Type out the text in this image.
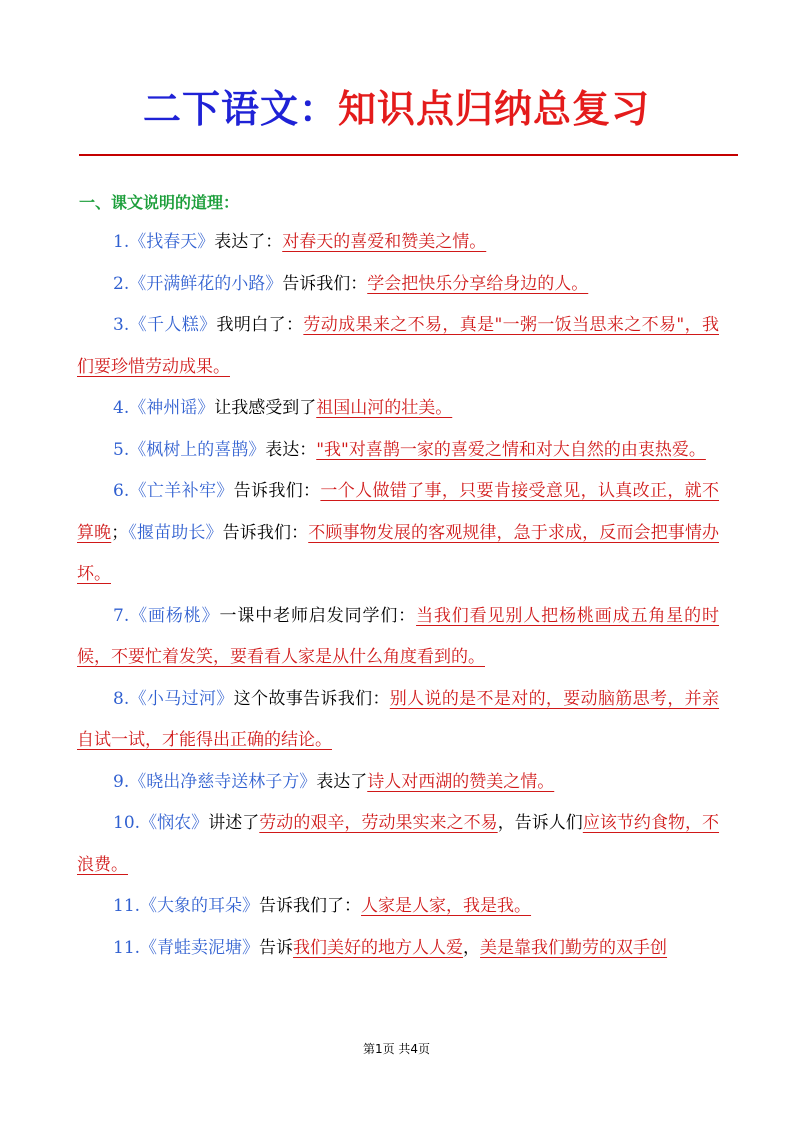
二下语文：知识点归纳总复习
一、课文说明的道理：

1.《找春天》表达了：对春天的喜爱和赞美之情。

2.《开满鲜花的小路》告诉我们：学会把快乐分享给身边的人。

3.《千人糕》我明白了：劳动成果来之不易，真是"一粥一饭当思来之不易"，我们要珍惜劳动成果。

4.《神州谣》让我感受到了祖国山河的壮美。

5.《枫树上的喜鹊》表达："我"对喜鹊一家的喜爱之情和对大自然的由衷热爱。

6.《亡羊补牢》告诉我们：一个人做错了事，只要肯接受意见，认真改正，就不算晚；《揠苗助长》告诉我们：不顾事物发展的客观规律，急于求成，反而会把事情办坏。

7.《画杨桃》一课中老师启发同学们：当我们看见别人把杨桃画成五角星的时候，不要忙着发笑，要看看人家是从什么角度看到的。

8.《小马过河》这个故事告诉我们：别人说的是不是对的，要动脑筋思考，并亲自试一试，才能得出正确的结论。

9.《晓出净慈寺送林子方》表达了诗人对西湖的赞美之情。

10.《悯农》讲述了劳动的艰辛，劳动果实来之不易，告诉人们应该节约食物，不浪费。

11.《大象的耳朵》告诉我们了：人家是人家，我是我。

11.《青蛙卖泥塘》告诉我们美好的地方人人爱，美是靠我们勤劳的双手创

第1页 共4页
